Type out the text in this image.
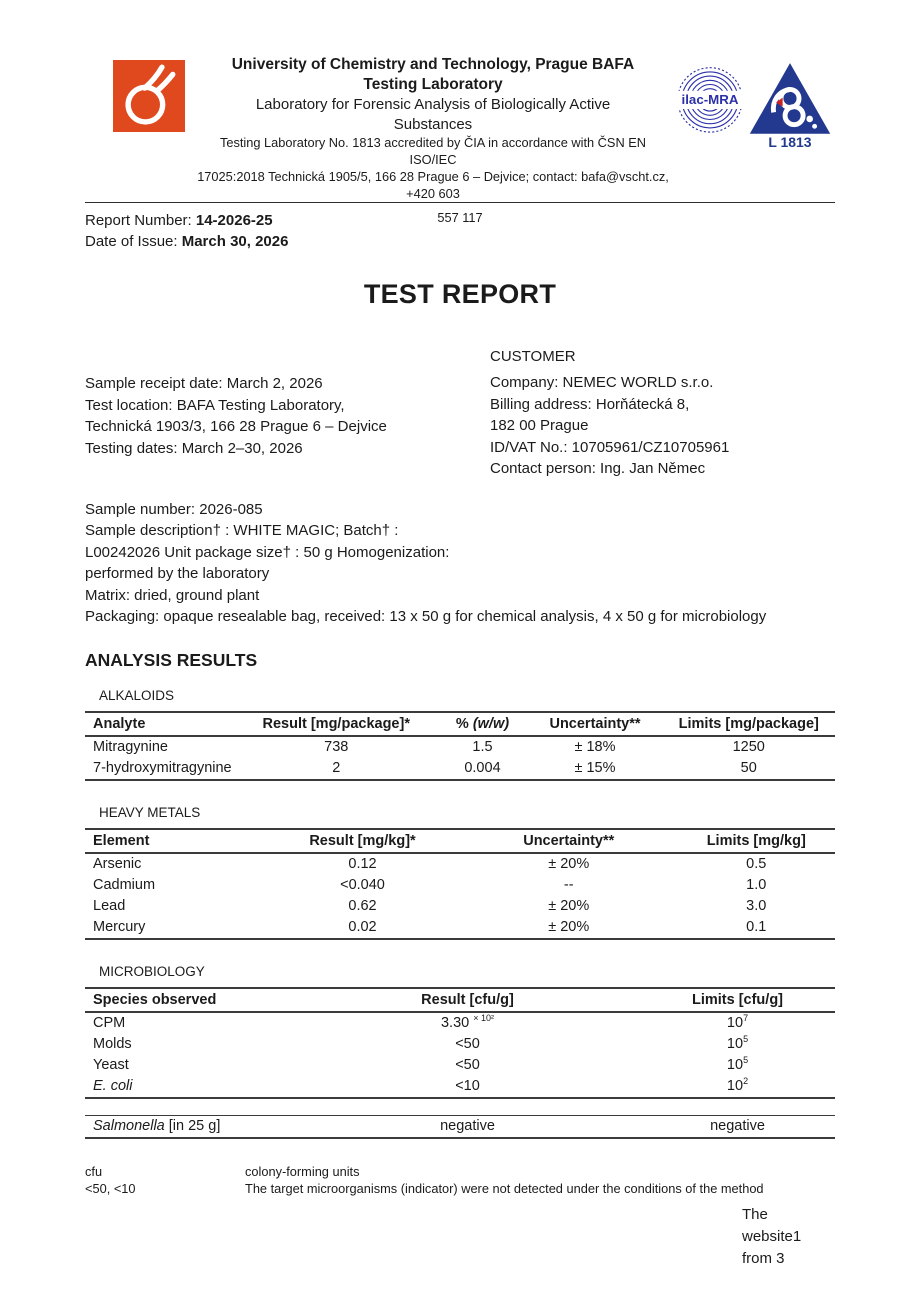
University of Chemistry and Technology, Prague BAFA
Testing Laboratory
Laboratory for Forensic Analysis of Biologically Active
Substances
Testing Laboratory No. 1813 accredited by ČIA in accordance with ČSN EN ISO/IEC
17025:2018 Technická 1905/5, 166 28 Prague 6 – Dejvice; contact: bafa@vscht.cz, +420 603
ilac-MRA
L 1813
557 117
Report Number: 14-2026-25
Date of Issue: March 30, 2026
TEST REPORT
Sample receipt date: March 2, 2026
Test location: BAFA Testing Laboratory,
Technická 1903/3, 166 28 Prague 6 – Dejvice
Testing dates: March 2–30, 2026
CUSTOMER
Company: NEMEC WORLD s.r.o.
Billing address: Horňátecká 8,
182 00 Prague
ID/VAT No.: 10705961/CZ10705961
Contact person: Ing. Jan Němec
Sample number: 2026-085
Sample description† : WHITE MAGIC; Batch† :
L00242026 Unit package size† : 50 g Homogenization:
performed by the laboratory
Matrix: dried, ground plant
Packaging: opaque resealable bag, received: 13 x 50 g for chemical analysis, 4 x 50 g for microbiology
ANALYSIS RESULTS
ALKALOIDS
Analyte	Result [mg/package]*	% (w/w)	Uncertainty**	Limits [mg/package]
Mitragynine	738	1.5	± 18%	1250
7-hydroxymitragynine	2	0.004	± 15%	50
HEAVY METALS
Element	Result [mg/kg]*	Uncertainty**	Limits [mg/kg]
Arsenic	0.12	± 20%	0.5
Cadmium	<0.040	--	1.0
Lead	0.62	± 20%	3.0
Mercury	0.02	± 20%	0.1
MICROBIOLOGY
Species observed	Result [cfu/g]	Limits [cfu/g]
CPM	3.30 $^{\times 10^2}$	$10^7$
Molds	<50	$10^5$
Yeast	<50	$10^5$
E. coli	<10	$10^2$
Salmonella [in 25 g]	negative	negative
cfu	colony-forming units
<50, <10	The target microorganisms (indicator) were not detected under the conditions of the method
The
website1
from 3
